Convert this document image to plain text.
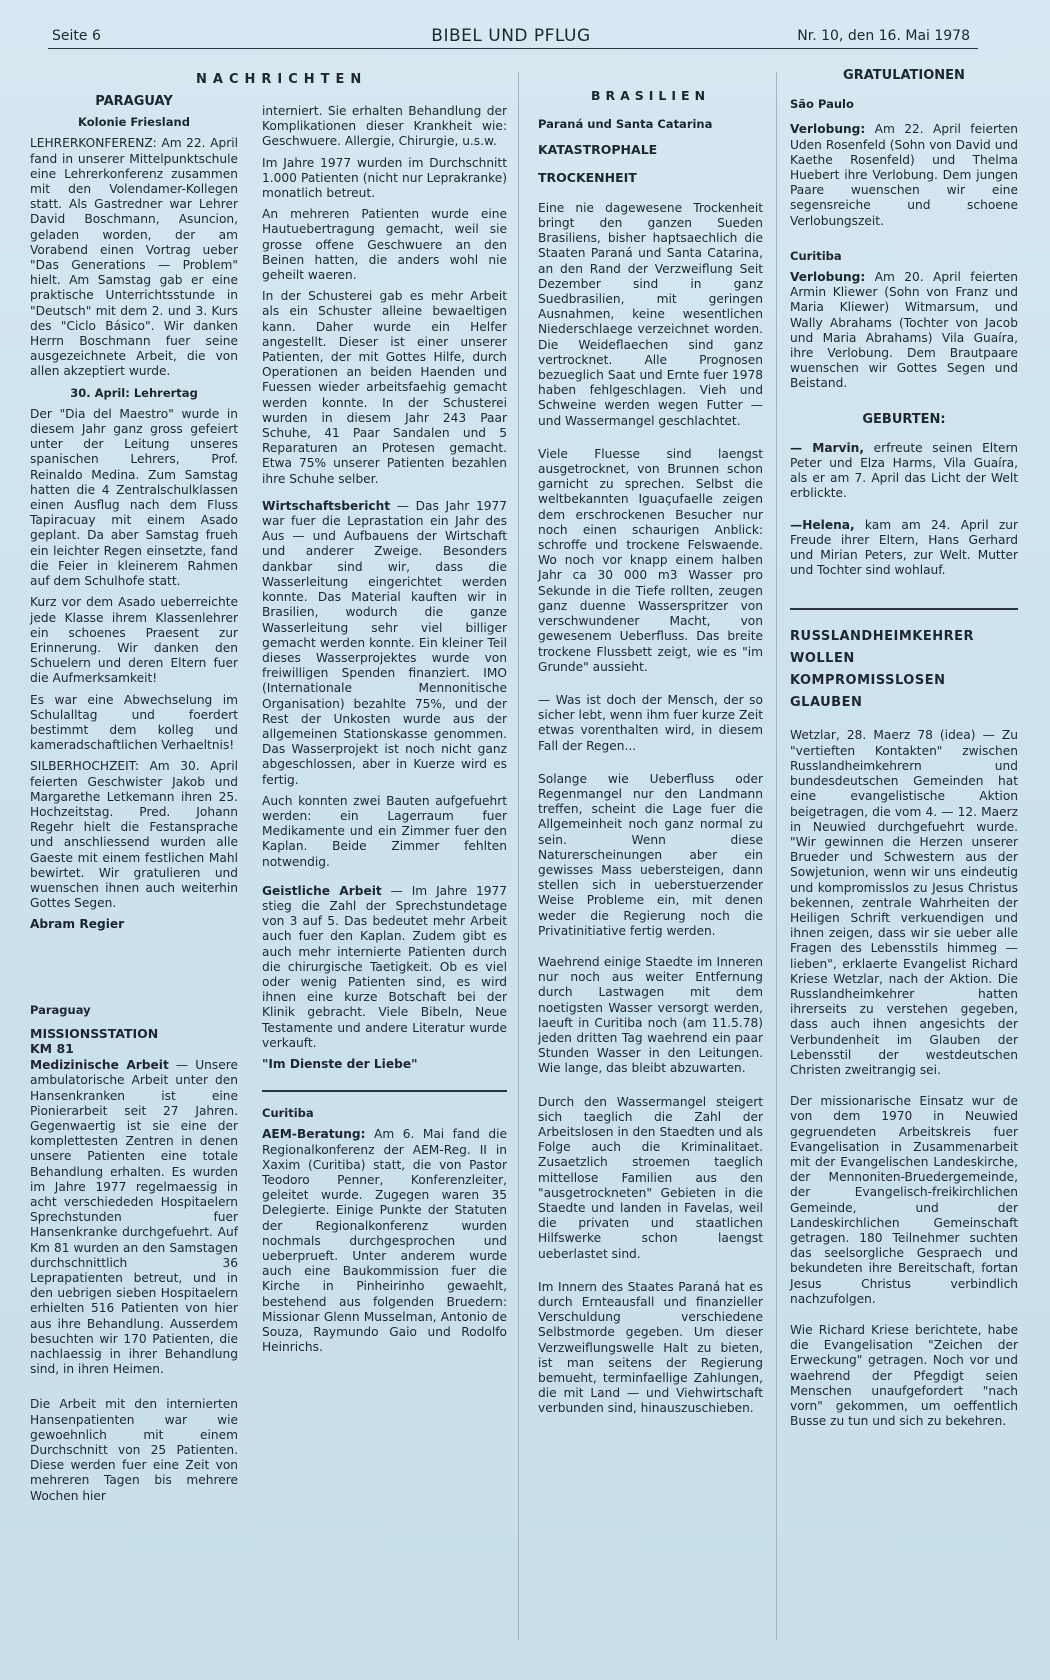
Seite 6	BIBEL UND PFLUG	Nr. 10, den 16. Mai 1978
NACHRICHTEN

PARAGUAY

Kolonie Friesland

LEHRERKONFERENZ: Am 22. April fand in unserer Mittelpunktschule eine Lehrerkonferenz zusammen mit den Volendamer-Kollegen statt. Als Gastredner war Lehrer David Boschmann, Asuncion, geladen worden, der am Vorabend einen Vortrag ueber "Das Generations — Problem" hielt. Am Samstag gab er eine praktische Unterrichtsstunde in "Deutsch" mit dem 2. und 3. Kurs des "Ciclo Básico". Wir danken Herrn Boschmann fuer seine ausgezeichnete Arbeit, die von allen akzeptiert wurde.

30. April: Lehrertag

Der "Dia del Maestro" wurde in diesem Jahr ganz gross gefeiert unter der Leitung unseres spanischen Lehrers, Prof. Reinaldo Medina. Zum Samstag hatten die 4 Zentralschulklassen einen Ausflug nach dem Fluss Tapiracuay mit einem Asado geplant. Da aber Samstag frueh ein leichter Regen einsetzte, fand die Feier in kleinerem Rahmen auf dem Schulhofe statt.

Kurz vor dem Asado ueberreichte jede Klasse ihrem Klassenlehrer ein schoenes Praesent zur Erinnerung. Wir danken den Schuelern und deren Eltern fuer die Aufmerksamkeit!

Es war eine Abwechselung im Schulalltag und foerdert bestimmt dem kolleg und kameradschaftlichen Verhaeltnis!

SILBERHOCHZEIT: Am 30. April feierten Geschwister Jakob und Margarethe Letkemann ihren 25. Hochzeitstag. Pred. Johann Regehr hielt die Festansprache und anschliessend wurden alle Gaeste mit einem festlichen Mahl bewirtet. Wir gratulieren und wuenschen ihnen auch weiterhin Gottes Segen.

Abram Regier

Paraguay

MISSIONSSTATION

KM 81

Medizinische Arbeit — Unsere ambulatorische Arbeit unter den Hansenkranken ist eine Pionierarbeit seit 27 Jahren. Gegenwaertig ist sie eine der komplettesten Zentren in denen unsere Patienten eine totale Behandlung erhalten. Es wurden im Jahre 1977 regelmaessig in acht verschiededen Hospitaelern Sprechstunden fuer Hansenkranke durchgefuehrt. Auf Km 81 wurden an den Samstagen durchschnittlich 36 Leprapatienten betreut, und in den uebrigen sieben Hospitaelern erhielten 516 Patienten von hier aus ihre Behandlung. Ausserdem besuchten wir 170 Patienten, die nachlaessig in ihrer Behandlung sind, in ihren Heimen.

Die Arbeit mit den internierten Hansenpatienten war wie gewoehnlich mit einem Durchschnitt von 25 Patienten. Diese werden fuer eine Zeit von mehreren Tagen bis mehrere Wochen hier

interniert. Sie erhalten Behandlung der Komplikationen dieser Krankheit wie: Geschwuere. Allergie, Chirurgie, u.s.w.

Im Jahre 1977 wurden im Durchschnitt 1.000 Patienten (nicht nur Leprakranke) monatlich betreut.

An mehreren Patienten wurde eine Hautuebertragung gemacht, weil sie grosse offene Geschwuere an den Beinen hatten, die anders wohl nie geheilt waeren.

In der Schusterei gab es mehr Arbeit als ein Schuster alleine bewaeltigen kann. Daher wurde ein Helfer angestellt. Dieser ist einer unserer Patienten, der mit Gottes Hilfe, durch Operationen an beiden Haenden und Fuessen wieder arbeitsfaehig gemacht werden konnte. In der Schusterei wurden in diesem Jahr 243 Paar Schuhe, 41 Paar Sandalen und 5 Reparaturen an Protesen gemacht. Etwa 75% unserer Patienten bezahlen ihre Schuhe selber.

Wirtschaftsbericht — Das Jahr 1977 war fuer die Leprastation ein Jahr des Aus — und Aufbauens der Wirtschaft und anderer Zweige. Besonders dankbar sind wir, dass die Wasserleitung eingerichtet werden konnte. Das Material kauften wir in Brasilien, wodurch die ganze Wasserleitung sehr viel billiger gemacht werden konnte. Ein kleiner Teil dieses Wasserprojektes wurde von freiwilligen Spenden finanziert. IMO (Internationale Mennonitische Organisation) bezahlte 75%, und der Rest der Unkosten wurde aus der allgemeinen Stationskasse genommen. Das Wasserprojekt ist noch nicht ganz abgeschlossen, aber in Kuerze wird es fertig.

Auch konnten zwei Bauten aufgefuehrt werden: ein Lagerraum fuer Medikamente und ein Zimmer fuer den Kaplan. Beide Zimmer fehlten notwendig.

Geistliche Arbeit — Im Jahre 1977 stieg die Zahl der Sprechstundetage von 3 auf 5. Das bedeutet mehr Arbeit auch fuer den Kaplan. Zudem gibt es auch mehr internierte Patienten durch die chirurgische Taetigkeit. Ob es viel oder wenig Patienten sind, es wird ihnen eine kurze Botschaft bei der Klinik gebracht. Viele Bibeln, Neue Testamente und andere Literatur wurde verkauft.

"Im Dienste der Liebe"

Curitiba

AEM-Beratung: Am 6. Mai fand die Regionalkonferenz der AEM-Reg. II in Xaxim (Curitiba) statt, die von Pastor Teodoro Penner, Konferenzleiter, geleitet wurde. Zugegen waren 35 Delegierte. Einige Punkte der Statuten der Regionalkonferenz wurden nochmals durchgesprochen und ueberprueft. Unter anderem wurde auch eine Baukommission fuer die Kirche in Pinheirinho gewaehlt, bestehend aus folgenden Bruedern: Missionar Glenn Musselman, Antonio de Souza, Raymundo Gaio und Rodolfo Heinrichs.

BRASILIEN

Paraná und Santa Catarina

KATASTROPHALE

TROCKENHEIT

Eine nie dagewesene Trockenheit bringt den ganzen Sueden Brasiliens, bisher haptsaechlich die Staaten Paraná und Santa Catarina, an den Rand der Verzweiflung Seit Dezember sind in ganz Suedbrasilien, mit geringen Ausnahmen, keine wesentlichen Niederschlaege verzeichnet worden. Die Weideflaechen sind ganz vertrocknet. Alle Prognosen bezueglich Saat und Ernte fuer 1978 haben fehlgeschlagen. Vieh und Schweine werden wegen Futter — und Wassermangel geschlachtet.

Viele Fluesse sind laengst ausgetrocknet, von Brunnen schon garnicht zu sprechen. Selbst die weltbekannten Iguaçufaelle zeigen dem erschrockenen Besucher nur noch einen schaurigen Anblick: schroffe und trockene Felswaende. Wo noch vor knapp einem halben Jahr ca 30 000 m3 Wasser pro Sekunde in die Tiefe rollten, zeugen ganz duenne Wasserspritzer von verschwundener Macht, von gewesenem Ueberfluss. Das breite trockene Flussbett zeigt, wie es "im Grunde" aussieht.

— Was ist doch der Mensch, der so sicher lebt, wenn ihm fuer kurze Zeit etwas vorenthalten wird, in diesem Fall der Regen...

Solange wie Ueberfluss oder Regenmangel nur den Landmann treffen, scheint die Lage fuer die Allgemeinheit noch ganz normal zu sein. Wenn diese Naturerscheinungen aber ein gewisses Mass uebersteigen, dann stellen sich in ueberstuerzender Weise Probleme ein, mit denen weder die Regierung noch die Privatinitiative fertig werden.

Waehrend einige Staedte im Inneren nur noch aus weiter Entfernung durch Lastwagen mit dem noetigsten Wasser versorgt werden, laeuft in Curitiba noch (am 11.5.78) jeden dritten Tag waehrend ein paar Stunden Wasser in den Leitungen. Wie lange, das bleibt abzuwarten.

Durch den Wassermangel steigert sich taeglich die Zahl der Arbeitslosen in den Staedten und als Folge auch die Kriminalitaet. Zusaetzlich stroemen taeglich mittellose Familien aus den "ausgetrockneten" Gebieten in die Staedte und landen in Favelas, weil die privaten und staatlichen Hilfswerke schon laengst ueberlastet sind.

Im Innern des Staates Paraná hat es durch Ernteausfall und finanzieller Verschuldung verschiedene Selbstmorde gegeben. Um dieser Verzweiflungswelle Halt zu bieten, ist man seitens der Regierung bemueht, terminfaellige Zahlungen, die mit Land — und Viehwirtschaft verbunden sind, hinauszuschieben.

GRATULATIONEN

São Paulo

Verlobung: Am 22. April feierten Uden Rosenfeld (Sohn von David und Kaethe Rosenfeld) und Thelma Huebert ihre Verlobung. Dem jungen Paare wuenschen wir eine segensreiche und schoene Verlobungszeit.

Curitiba

Verlobung: Am 20. April feierten Armin Kliewer (Sohn von Franz und Maria Kliewer) Witmarsum, und Wally Abrahams (Tochter von Jacob und Maria Abrahams) Vila Guaíra, ihre Verlobung. Dem Brautpaare wuenschen wir Gottes Segen und Beistand.

GEBURTEN:

— Marvin, erfreute seinen Eltern Peter und Elza Harms, Vila Guaíra, als er am 7. April das Licht der Welt erblickte.

—Helena, kam am 24. April zur Freude ihrer Eltern, Hans Gerhard und Mirian Peters, zur Welt. Mutter und Tochter sind wohlauf.

RUSSLANDHEIMKEHRER

WOLLEN

KOMPROMISSLOSEN

GLAUBEN

Wetzlar, 28. Maerz 78 (idea) — Zu "vertieften Kontakten" zwischen Russlandheimkehrern und bundesdeutschen Gemeinden hat eine evangelistische Aktion beigetragen, die vom 4. — 12. Maerz in Neuwied durchgefuehrt wurde. "Wir gewinnen die Herzen unserer Brueder und Schwestern aus der Sowjetunion, wenn wir uns eindeutig und kompromisslos zu Jesus Christus bekennen, zentrale Wahrheiten der Heiligen Schrift verkuendigen und ihnen zeigen, dass wir sie ueber alle Fragen des Lebensstils himmeg — lieben", erklaerte Evangelist Richard Kriese Wetzlar, nach der Aktion. Die Russlandheimkehrer hatten ihrerseits zu verstehen gegeben, dass auch ihnen angesichts der Verbundenheit im Glauben der Lebensstil der westdeutschen Christen zweitrangig sei.

Der missionarische Einsatz wur de von dem 1970 in Neuwied gegruendeten Arbeitskreis fuer Evangelisation in Zusammenarbeit mit der Evangelischen Landeskirche, der Mennoniten-Bruedergemeinde, der Evangelisch-freikirchlichen Gemeinde, und der Landeskirchlichen Gemeinschaft getragen. 180 Teilnehmer suchten das seelsorgliche Gespraech und bekundeten ihre Bereitschaft, fortan Jesus Christus verbindlich nachzufolgen.

Wie Richard Kriese berichtete, habe die Evangelisation "Zeichen der Erweckung" getragen. Noch vor und waehrend der Pfegdigt seien Menschen unaufgefordert "nach vorn" gekommen, um oeffentlich Busse zu tun und sich zu bekehren.
